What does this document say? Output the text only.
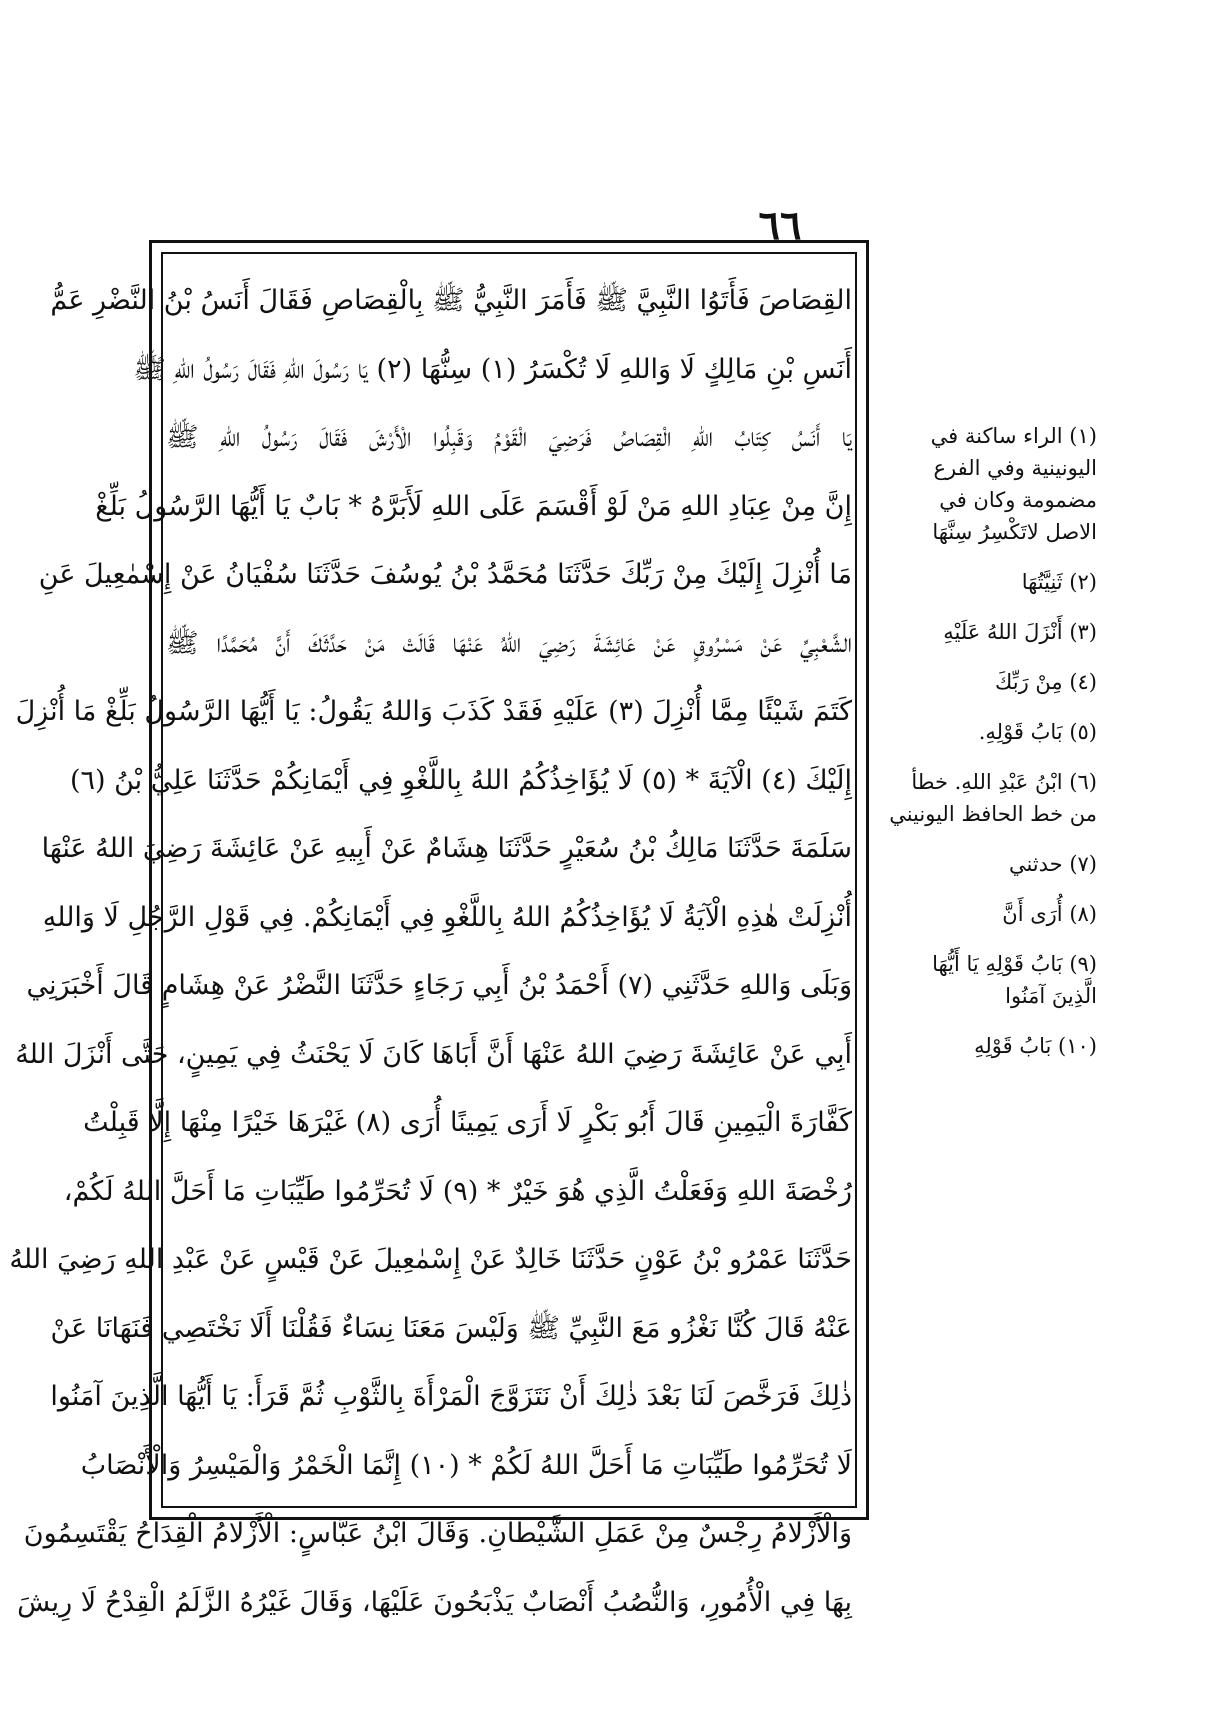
٦٦
القِصَاصَ فَأَتَوُا النَّبِيَّ ﷺ فَأَمَرَ النَّبِيُّ ﷺ بِالْقِصَاصِ فَقَالَ أَنَسُ بْنُ النَّضْرِ عَمُّ
أَنَسِ بْنِ مَالِكٍ لَا وَاللهِ لَا تُكْسَرُ (١) سِنُّهَا (٢) يَا رَسُولَ اللهِ فَقَالَ رَسُولُ اللهِ ﷺ
يَا أَنَسُ كِتَابُ اللهِ الْقِصَاصُ فَرَضِيَ الْقَوْمُ وَقَبِلُوا الْأَرْشَ فَقَالَ رَسُولُ اللهِ ﷺ
إِنَّ مِنْ عِبَادِ اللهِ مَنْ لَوْ أَقْسَمَ عَلَى اللهِ لَأَبَرَّهُ * بَابٌ يَا أَيُّهَا الرَّسُولُ بَلِّغْ
مَا أُنْزِلَ إِلَيْكَ مِنْ رَبِّكَ حَدَّثَنَا مُحَمَّدُ بْنُ يُوسُفَ حَدَّثَنَا سُفْيَانُ عَنْ إِسْمٰعِيلَ عَنِ
الشَّعْبِيِّ عَنْ مَسْرُوقٍ عَنْ عَائِشَةَ رَضِيَ اللهُ عَنْهَا قَالَتْ مَنْ حَدَّثَكَ أَنَّ مُحَمَّدًا ﷺ
كَتَمَ شَيْئًا مِمَّا أُنْزِلَ (٣) عَلَيْهِ فَقَدْ كَذَبَ وَاللهُ يَقُولُ: يَا أَيُّهَا الرَّسُولُ بَلِّغْ مَا أُنْزِلَ
إِلَيْكَ (٤) الْآيَةَ * (٥) لَا يُؤَاخِذُكُمُ اللهُ بِاللَّغْوِ فِي أَيْمَانِكُمْ حَدَّثَنَا عَلِيُّ بْنُ (٦)
سَلَمَةَ حَدَّثَنَا مَالِكُ بْنُ سُعَيْرٍ حَدَّثَنَا هِشَامٌ عَنْ أَبِيهِ عَنْ عَائِشَةَ رَضِيَ اللهُ عَنْهَا
أُنْزِلَتْ هٰذِهِ الْآيَةُ لَا يُؤَاخِذُكُمُ اللهُ بِاللَّغْوِ فِي أَيْمَانِكُمْ. فِي قَوْلِ الرَّجُلِ لَا وَاللهِ
وَبَلَى وَاللهِ حَدَّثَنِي (٧) أَحْمَدُ بْنُ أَبِي رَجَاءٍ حَدَّثَنَا النَّضْرُ عَنْ هِشَامٍ قَالَ أَخْبَرَنِي
أَبِي عَنْ عَائِشَةَ رَضِيَ اللهُ عَنْهَا أَنَّ أَبَاهَا كَانَ لَا يَحْنَثُ فِي يَمِينٍ، حَتَّى أَنْزَلَ اللهُ
كَفَّارَةَ الْيَمِينِ قَالَ أَبُو بَكْرٍ لَا أَرَى يَمِينًا أُرَى (٨) غَيْرَهَا خَيْرًا مِنْهَا إِلَّا قَبِلْتُ
رُخْصَةَ اللهِ وَفَعَلْتُ الَّذِي هُوَ خَيْرٌ * (٩) لَا تُحَرِّمُوا طَيِّبَاتِ مَا أَحَلَّ اللهُ لَكُمْ،
حَدَّثَنَا عَمْرُو بْنُ عَوْنٍ حَدَّثَنَا خَالِدٌ عَنْ إِسْمٰعِيلَ عَنْ قَيْسٍ عَنْ عَبْدِ اللهِ رَضِيَ اللهُ
عَنْهُ قَالَ كُنَّا نَغْزُو مَعَ النَّبِيِّ ﷺ وَلَيْسَ مَعَنَا نِسَاءٌ فَقُلْنَا أَلَا نَخْتَصِي فَنَهَانَا عَنْ
ذٰلِكَ فَرَخَّصَ لَنَا بَعْدَ ذٰلِكَ أَنْ نَتَزَوَّجَ الْمَرْأَةَ بِالثَّوْبِ ثُمَّ قَرَأَ: يَا أَيُّهَا الَّذِينَ آمَنُوا
لَا تُحَرِّمُوا طَيِّبَاتِ مَا أَحَلَّ اللهُ لَكُمْ * (١٠) إِنَّمَا الْخَمْرُ وَالْمَيْسِرُ وَالْأَنْصَابُ
وَالْأَزْلَامُ رِجْسٌ مِنْ عَمَلِ الشَّيْطَانِ. وَقَالَ ابْنُ عَبَّاسٍ: الْأَزْلَامُ الْقِدَاحُ يَقْتَسِمُونَ
بِهَا فِي الْأُمُورِ، وَالنُّصُبُ أَنْصَابٌ يَذْبَحُونَ عَلَيْهَا، وَقَالَ غَيْرُهُ الزَّلَمُ الْقِدْحُ لَا رِيشَ
(١) الراء ساكنة في اليونينية وفي الفرع مضمومة وكان في الاصل لاتَكْسِرُ سِنَّهَا
(٢) ثَنِيَّتُهَا
(٣) أَنْزَلَ اللهُ عَلَيْهِ
(٤) مِنْ رَبِّكَ
(٥) بَابُ قَوْلِهِ.
(٦) ابْنُ عَبْدِ اللهِ. خطأ من خط الحافظ اليونيني
(٧) حدثني
(٨) أُرَى أَنَّ
(٩) بَابُ قَوْلِهِ يَا أَيُّهَا الَّذِينَ آمَنُوا
(١٠) بَابُ قَوْلِهِ
